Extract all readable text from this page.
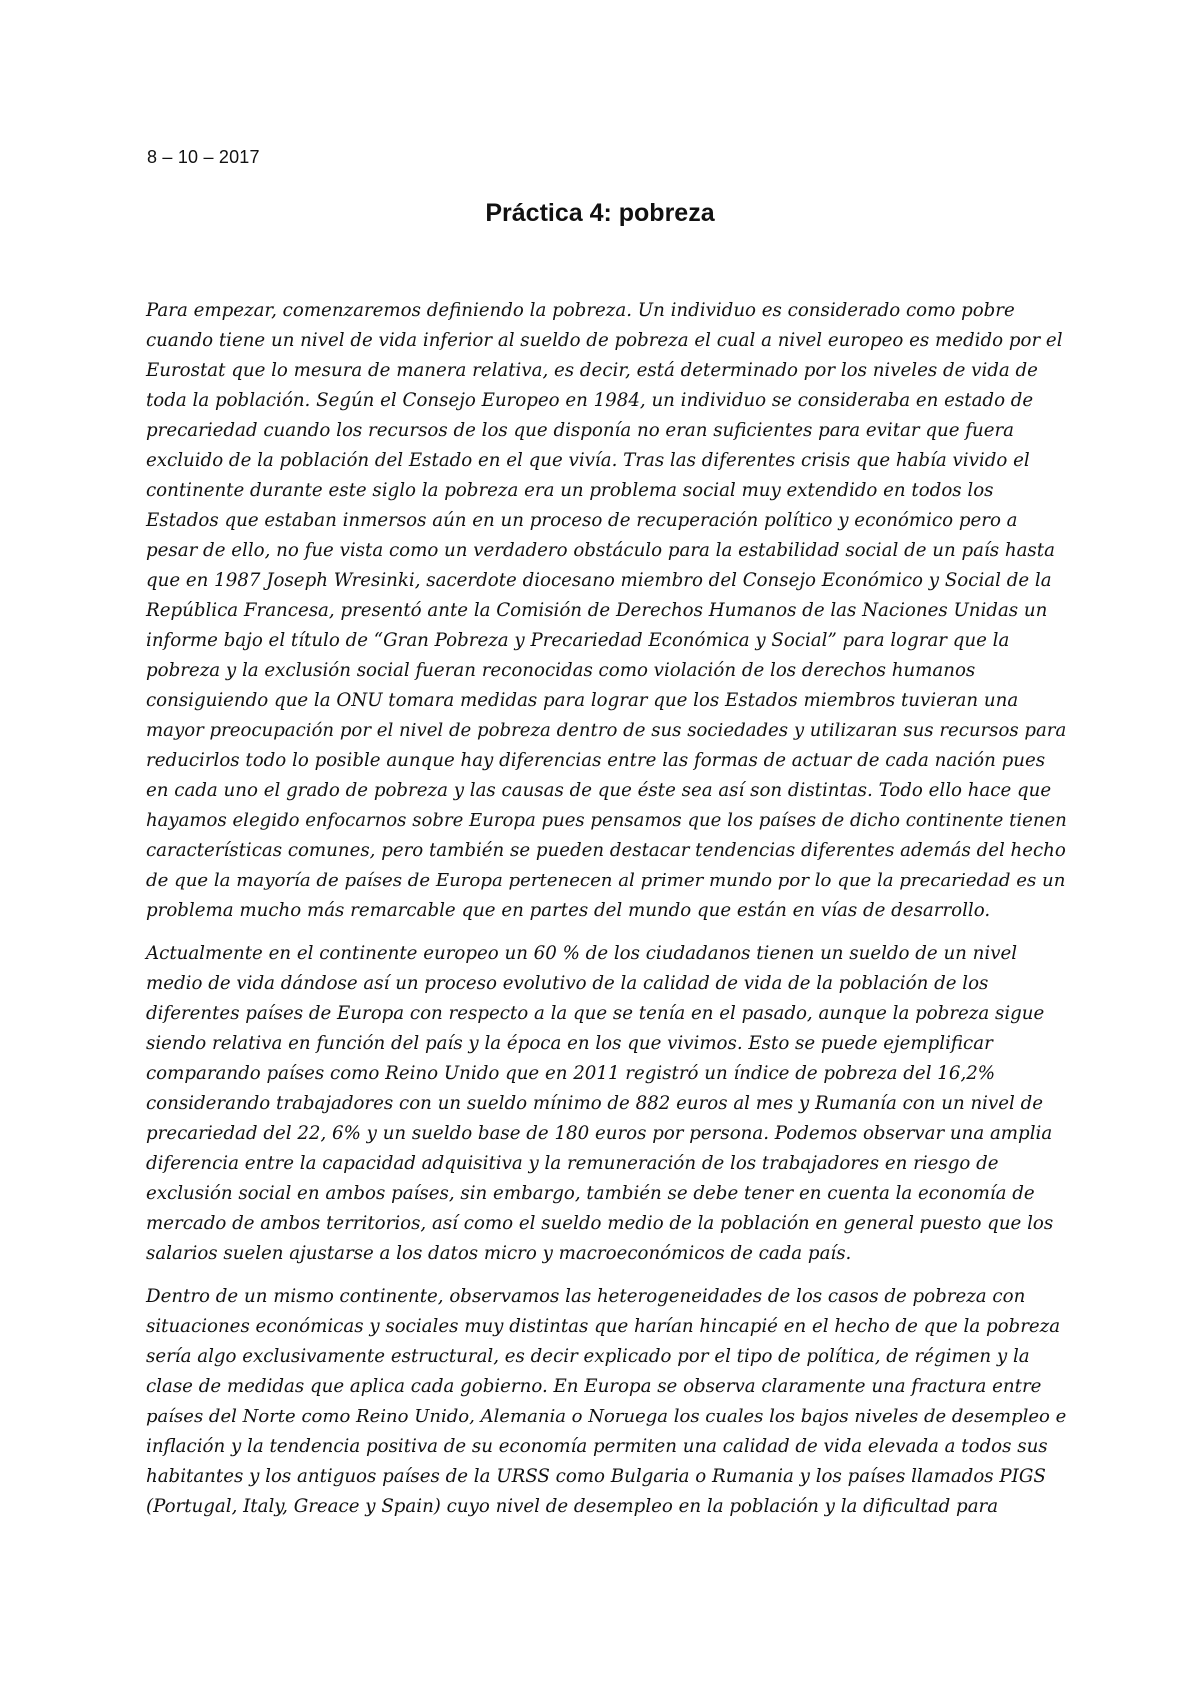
8 – 10 – 2017
Práctica 4: pobreza
Para empezar, comenzaremos definiendo la pobreza. Un individuo es considerado como pobre
cuando tiene un nivel de vida inferior al sueldo de pobreza el cual a nivel europeo es medido por el
Eurostat que lo mesura de manera relativa, es decir, está determinado por los niveles de vida de
toda la población. Según el Consejo Europeo en 1984, un individuo se consideraba en estado de
precariedad cuando los recursos de los que disponía no eran suficientes para evitar que fuera
excluido de la población del Estado en el que vivía. Tras las diferentes crisis que había vivido el
continente durante este siglo la pobreza era un problema social muy extendido en todos los
Estados que estaban inmersos aún en un proceso de recuperación político y económico pero a
pesar de ello, no fue vista como un verdadero obstáculo para la estabilidad social de un país hasta
que en 1987 Joseph Wresinki, sacerdote diocesano miembro del Consejo Económico y Social de la
República Francesa, presentó ante la Comisión de Derechos Humanos de las Naciones Unidas un
informe bajo el título de “Gran Pobreza y Precariedad Económica y Social” para lograr que la
pobreza y la exclusión social fueran reconocidas como violación de los derechos humanos
consiguiendo que la ONU tomara medidas para lograr que los Estados miembros tuvieran una
mayor preocupación por el nivel de pobreza dentro de sus sociedades y utilizaran sus recursos para
reducirlos todo lo posible aunque hay diferencias entre las formas de actuar de cada nación pues
en cada uno el grado de pobreza y las causas de que éste sea así son distintas. Todo ello hace que
hayamos elegido enfocarnos sobre Europa pues pensamos que los países de dicho continente tienen
características comunes, pero también se pueden destacar tendencias diferentes además del hecho
de que la mayoría de países de Europa pertenecen al primer mundo por lo que la precariedad es un
problema mucho más remarcable que en partes del mundo que están en vías de desarrollo.
Actualmente en el continente europeo un 60 % de los ciudadanos tienen un sueldo de un nivel
medio de vida dándose así un proceso evolutivo de la calidad de vida de la población de los
diferentes países de Europa con respecto a la que se tenía en el pasado, aunque la pobreza sigue
siendo relativa en función del país y la época en los que vivimos. Esto se puede ejemplificar
comparando países como Reino Unido que en 2011 registró un índice de pobreza del 16,2%
considerando trabajadores con un sueldo mínimo de 882 euros al mes y Rumanía con un nivel de
precariedad del 22, 6% y un sueldo base de 180 euros por persona. Podemos observar una amplia
diferencia entre la capacidad adquisitiva y la remuneración de los trabajadores en riesgo de
exclusión social en ambos países, sin embargo, también se debe tener en cuenta la economía de
mercado de ambos territorios, así como el sueldo medio de la población en general puesto que los
salarios suelen ajustarse a los datos micro y macroeconómicos de cada país.
Dentro de un mismo continente, observamos las heterogeneidades de los casos de pobreza con
situaciones económicas y sociales muy distintas que harían hincapié en el hecho de que la pobreza
sería algo exclusivamente estructural, es decir explicado por el tipo de política, de régimen y la
clase de medidas que aplica cada gobierno. En Europa se observa claramente una fractura entre
países del Norte como Reino Unido, Alemania o Noruega los cuales los bajos niveles de desempleo e
inflación y la tendencia positiva de su economía permiten una calidad de vida elevada a todos sus
habitantes y los antiguos países de la URSS como Bulgaria o Rumania y los países llamados PIGS
(Portugal, Italy, Greace y Spain) cuyo nivel de desempleo en la población y la dificultad para
